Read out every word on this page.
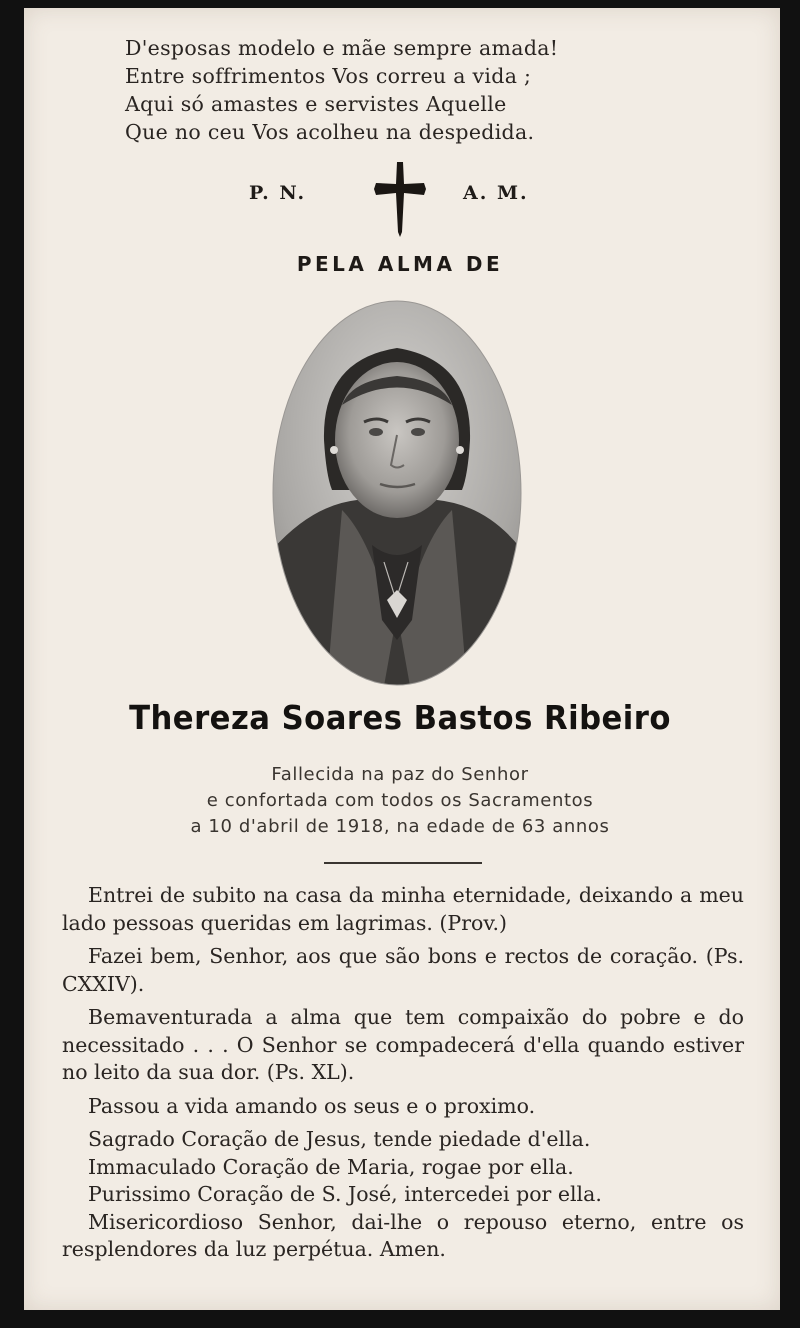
D'esposas modelo e mãe sempre amada!
Entre soffrimentos Vos correu a vida ;
Aqui só amastes e servistes Aquelle
Que no ceu Vos acolheu na despedida.
P. N.	A. M.
PELA ALMA DE
Thereza Soares Bastos Ribeiro
Fallecida na paz do Senhor
e confortada com todos os Sacramentos
a 10 d'abril de 1918, na edade de 63 annos

Entrei de subito na casa da minha eternidade, deixando a meu lado pessoas queridas em lagrimas. (Prov.)

Fazei bem, Senhor, aos que são bons e rectos de coração. (Ps. CXXIV).

Bemaventurada a alma que tem compaixão do pobre e do necessitado . . . O Senhor se compadecerá d'ella quando estiver no leito da sua dor. (Ps. XL).

Passou a vida amando os seus e o proximo.

Sagrado Coração de Jesus, tende piedade d'ella.

Immaculado Coração de Maria, rogae por ella.

Purissimo Coração de S. José, intercedei por ella.

Misericordioso Senhor, dai-lhe o repouso eterno, entre os resplendores da luz perpétua. Amen.
